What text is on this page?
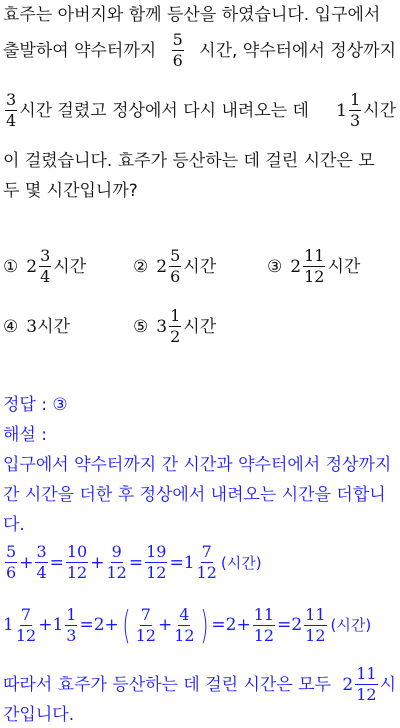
효주는 아버지와 함께 등산을 하였습니다. 입구에서
출발하여 약수터까지 $\frac{5}{6}$ 시간, 약수터에서 정상까지
$\frac{3}{4}$ 시간 걸렸고 정상에서 다시 내려오는 데 $1 \frac{1}{3}$ 시간
이 걸렸습니다. 효주가 등산하는 데 걸린 시간은 모
두 몇 시간입니까?
① $2 \frac{3}{4}$ 시간	② $2 \frac{5}{6}$ 시간	③ $2 \frac{11}{12}$ 시간
④ 3 시간	⑤ $3 \frac{1}{2}$ 시간
정답 : ③
해설 :
입구에서 약수터까지 간 시간과 약수터에서 정상까지
간 시간을 더한 후 정상에서 내려오는 시간을 더합니
다.
$\frac{5}{6} + \frac{3}{4} = \frac{10}{12} + \frac{9}{12} = \frac{19}{12} = 1 \frac{7}{12}$ (시간)
$1 \frac{7}{12} + 1 \frac{1}{3} = 2$ + ( $\frac{7}{12} + \frac{4}{12}$ ) = $2 + \frac{11}{12} = 2 \frac{11}{12}$ (시간)
따라서 효주가 등산하는 데 걸린 시간은 모두 $2 \frac{11}{12}$ 시
간입니다.
